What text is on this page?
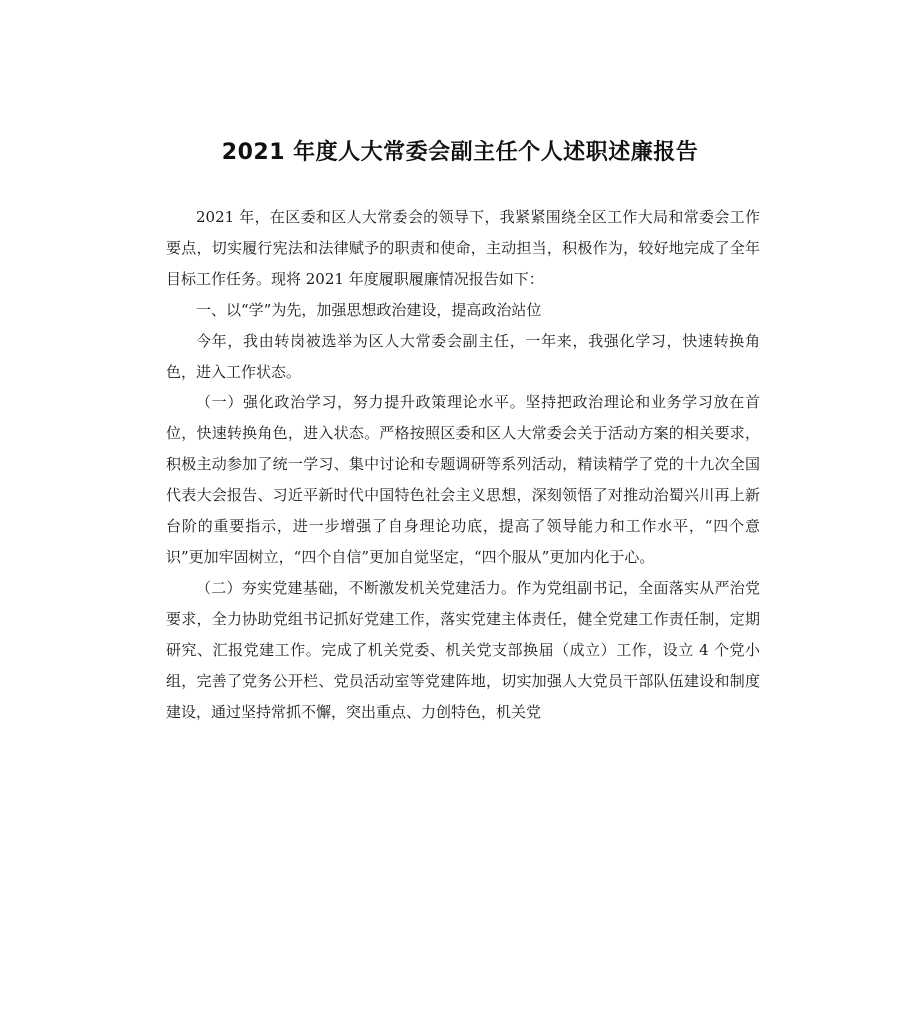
2021 年度人大常委会副主任个人述职述廉报告

2021 年，在区委和区人大常委会的领导下，我紧紧围绕全区工作大局和常委会工作要点，切实履行宪法和法律赋予的职责和使命，主动担当，积极作为，较好地完成了全年目标工作任务。现将 2021 年度履职履廉情况报告如下：

一、以“学”为先，加强思想政治建设，提高政治站位

今年，我由转岗被选举为区人大常委会副主任，一年来，我强化学习，快速转换角色，进入工作状态。

（一）强化政治学习，努力提升政策理论水平。坚持把政治理论和业务学习放在首位，快速转换角色，进入状态。严格按照区委和区人大常委会关于活动方案的相关要求，积极主动参加了统一学习、集中讨论和专题调研等系列活动，精读精学了党的十九次全国代表大会报告、习近平新时代中国特色社会主义思想，深刻领悟了对推动治蜀兴川再上新台阶的重要指示，进一步增强了自身理论功底，提高了领导能力和工作水平，“四个意识”更加牢固树立，“四个自信”更加自觉坚定，“四个服从”更加内化于心。

（二）夯实党建基础，不断激发机关党建活力。作为党组副书记，全面落实从严治党要求，全力协助党组书记抓好党建工作，落实党建主体责任，健全党建工作责任制，定期研究、汇报党建工作。完成了机关党委、机关党支部换届（成立）工作，设立 4 个党小组，完善了党务公开栏、党员活动室等党建阵地，切实加强人大党员干部队伍建设和制度建设，通过坚持常抓不懈，突出重点、力创特色，机关党
